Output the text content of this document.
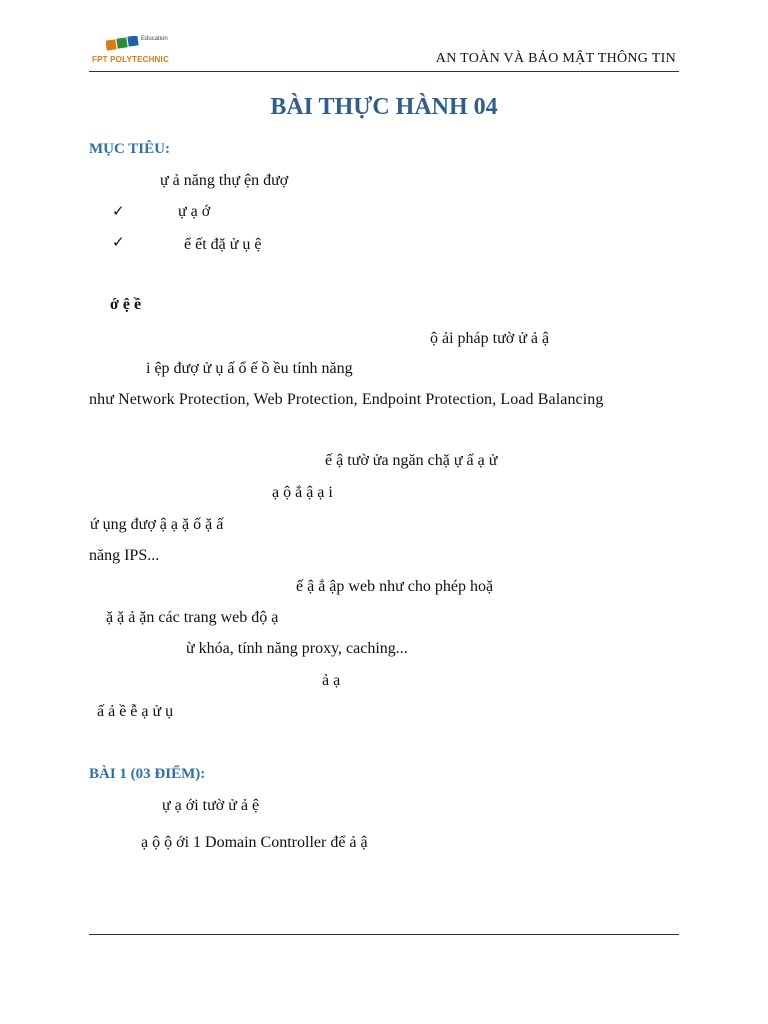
Education
FPT POLYTECHNIC	AN TOÀN VÀ BẢO MẬT THÔNG TIN
BÀI THỰC HÀNH 04
MỤC TIÊU:
ự ả năng thự ện đượ
✓	ự ạ ớ
✓	ể ết đặ ử ụ ệ
ớ ệ ề
ộ ải pháp tườ ử ả ậ
i ệp đượ ử ụ ấ ổ ế ồ ều tính năng
như Network Protection, Web Protection, Endpoint Protection, Load Balancing
ế ậ tườ ửa ngăn chặ ự ấ ạ ử
ạ ộ ắ ậ ạ i
ứ ụng đượ ậ ạ ặ ố ặ ấ
năng IPS...
ế ậ ắ ập web như cho phép hoặ
ặ ặ ả ặn các trang web độ ạ
ừ khóa, tính năng proxy, caching...
ả ạ
ấ ả ề ễ ạ ử ụ
BÀI 1 (03 ĐIỂM):
ự ạ ới tườ ử ả ệ
ạ ộ ộ ới 1 Domain Controller để ả ậ
